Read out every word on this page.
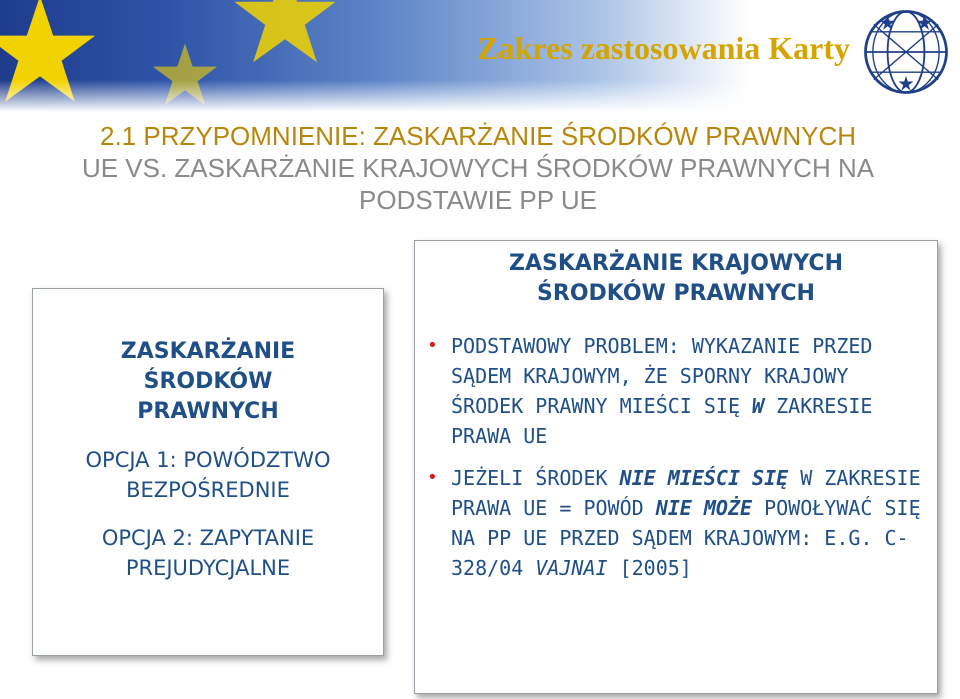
Zakres zastosowania Karty
2.1 PRZYPOMNIENIE: ZASKARŻANIE ŚRODKÓW PRAWNYCH
UE VS. ZASKARŻANIE KRAJOWYCH ŚRODKÓW PRAWNYCH NA
PODSTAWIE PP UE

ZASKARŻANIE
ŚRODKÓW
PRAWNYCH

OPCJA 1: POWÓDZTWO
BEZPOŚREDNIE

OPCJA 2: ZAPYTANIE
PREJUDYCJALNE

ZASKARŻANIE KRAJOWYCH
ŚRODKÓW PRAWNYCH

• PODSTAWOWY PROBLEM: WYKAZANIE PRZED SĄDEM KRAJOWYM, ŻE SPORNY KRAJOWY ŚRODEK PRAWNY MIEŚCI SIĘ W ZAKRESIE PRAWA UE
• JEŻELI ŚRODEK NIE MIEŚCI SIĘ W ZAKRESIE PRAWA UE = POWÓD NIE MOŻE POWOŁYWAĆ SIĘ NA PP UE PRZED SĄDEM KRAJOWYM: E.G. C-328/04 VAJNAI [2005]
